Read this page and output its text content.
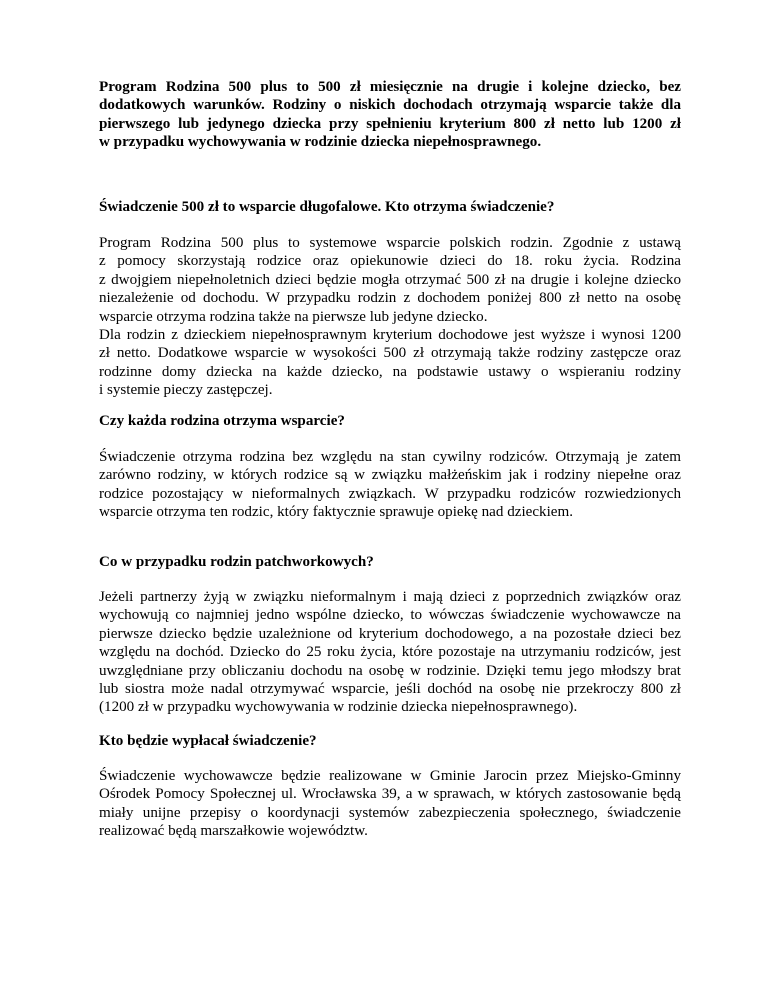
Program Rodzina 500 plus to 500 zł miesięcznie na drugie i kolejne dziecko, bez
dodatkowych warunków. Rodziny o niskich dochodach otrzymają wsparcie także dla
pierwszego lub jedynego dziecka przy spełnieniu kryterium 800 zł netto lub 1200 zł
w przypadku wychowywania w rodzinie dziecka niepełnosprawnego.
Świadczenie 500 zł to wsparcie długofalowe. Kto otrzyma świadczenie?
Program Rodzina 500 plus to systemowe wsparcie polskich rodzin. Zgodnie z ustawą
z pomocy skorzystają rodzice oraz opiekunowie dzieci do 18. roku życia. Rodzina
z dwojgiem niepełnoletnich dzieci będzie mogła otrzymać 500 zł na drugie i kolejne dziecko
niezależenie od dochodu. W przypadku rodzin z dochodem poniżej 800 zł netto na osobę
wsparcie otrzyma rodzina także na pierwsze lub jedyne dziecko.
Dla rodzin z dzieckiem niepełnosprawnym kryterium dochodowe jest wyższe i wynosi 1200
zł netto. Dodatkowe wsparcie w wysokości 500 zł otrzymają także rodziny zastępcze oraz
rodzinne domy dziecka na każde dziecko, na podstawie ustawy o wspieraniu rodziny
i systemie pieczy zastępczej.
Czy każda rodzina otrzyma wsparcie?
Świadczenie otrzyma rodzina bez względu na stan cywilny rodziców. Otrzymają je zatem
zarówno rodziny, w których rodzice są w związku małżeńskim jak i rodziny niepełne oraz
rodzice pozostający w nieformalnych związkach. W przypadku rodziców rozwiedzionych
wsparcie otrzyma ten rodzic, który faktycznie sprawuje opiekę nad dzieckiem.
Co w przypadku rodzin patchworkowych?
Jeżeli partnerzy żyją w związku nieformalnym i mają dzieci z poprzednich związków oraz
wychowują co najmniej jedno wspólne dziecko, to wówczas świadczenie wychowawcze na
pierwsze dziecko będzie uzależnione od kryterium dochodowego, a na pozostałe dzieci bez
względu na dochód. Dziecko do 25 roku życia, które pozostaje na utrzymaniu rodziców, jest
uwzględniane przy obliczaniu dochodu na osobę w rodzinie. Dzięki temu jego młodszy brat
lub siostra może nadal otrzymywać wsparcie, jeśli dochód na osobę nie przekroczy 800 zł
(1200 zł w przypadku wychowywania w rodzinie dziecka niepełnosprawnego).
Kto będzie wypłacał świadczenie?
Świadczenie wychowawcze będzie realizowane w Gminie Jarocin przez Miejsko-Gminny
Ośrodek Pomocy Społecznej ul. Wrocławska 39, a w sprawach, w których zastosowanie będą
miały unijne przepisy o koordynacji systemów zabezpieczenia społecznego, świadczenie
realizować będą marszałkowie województw.
